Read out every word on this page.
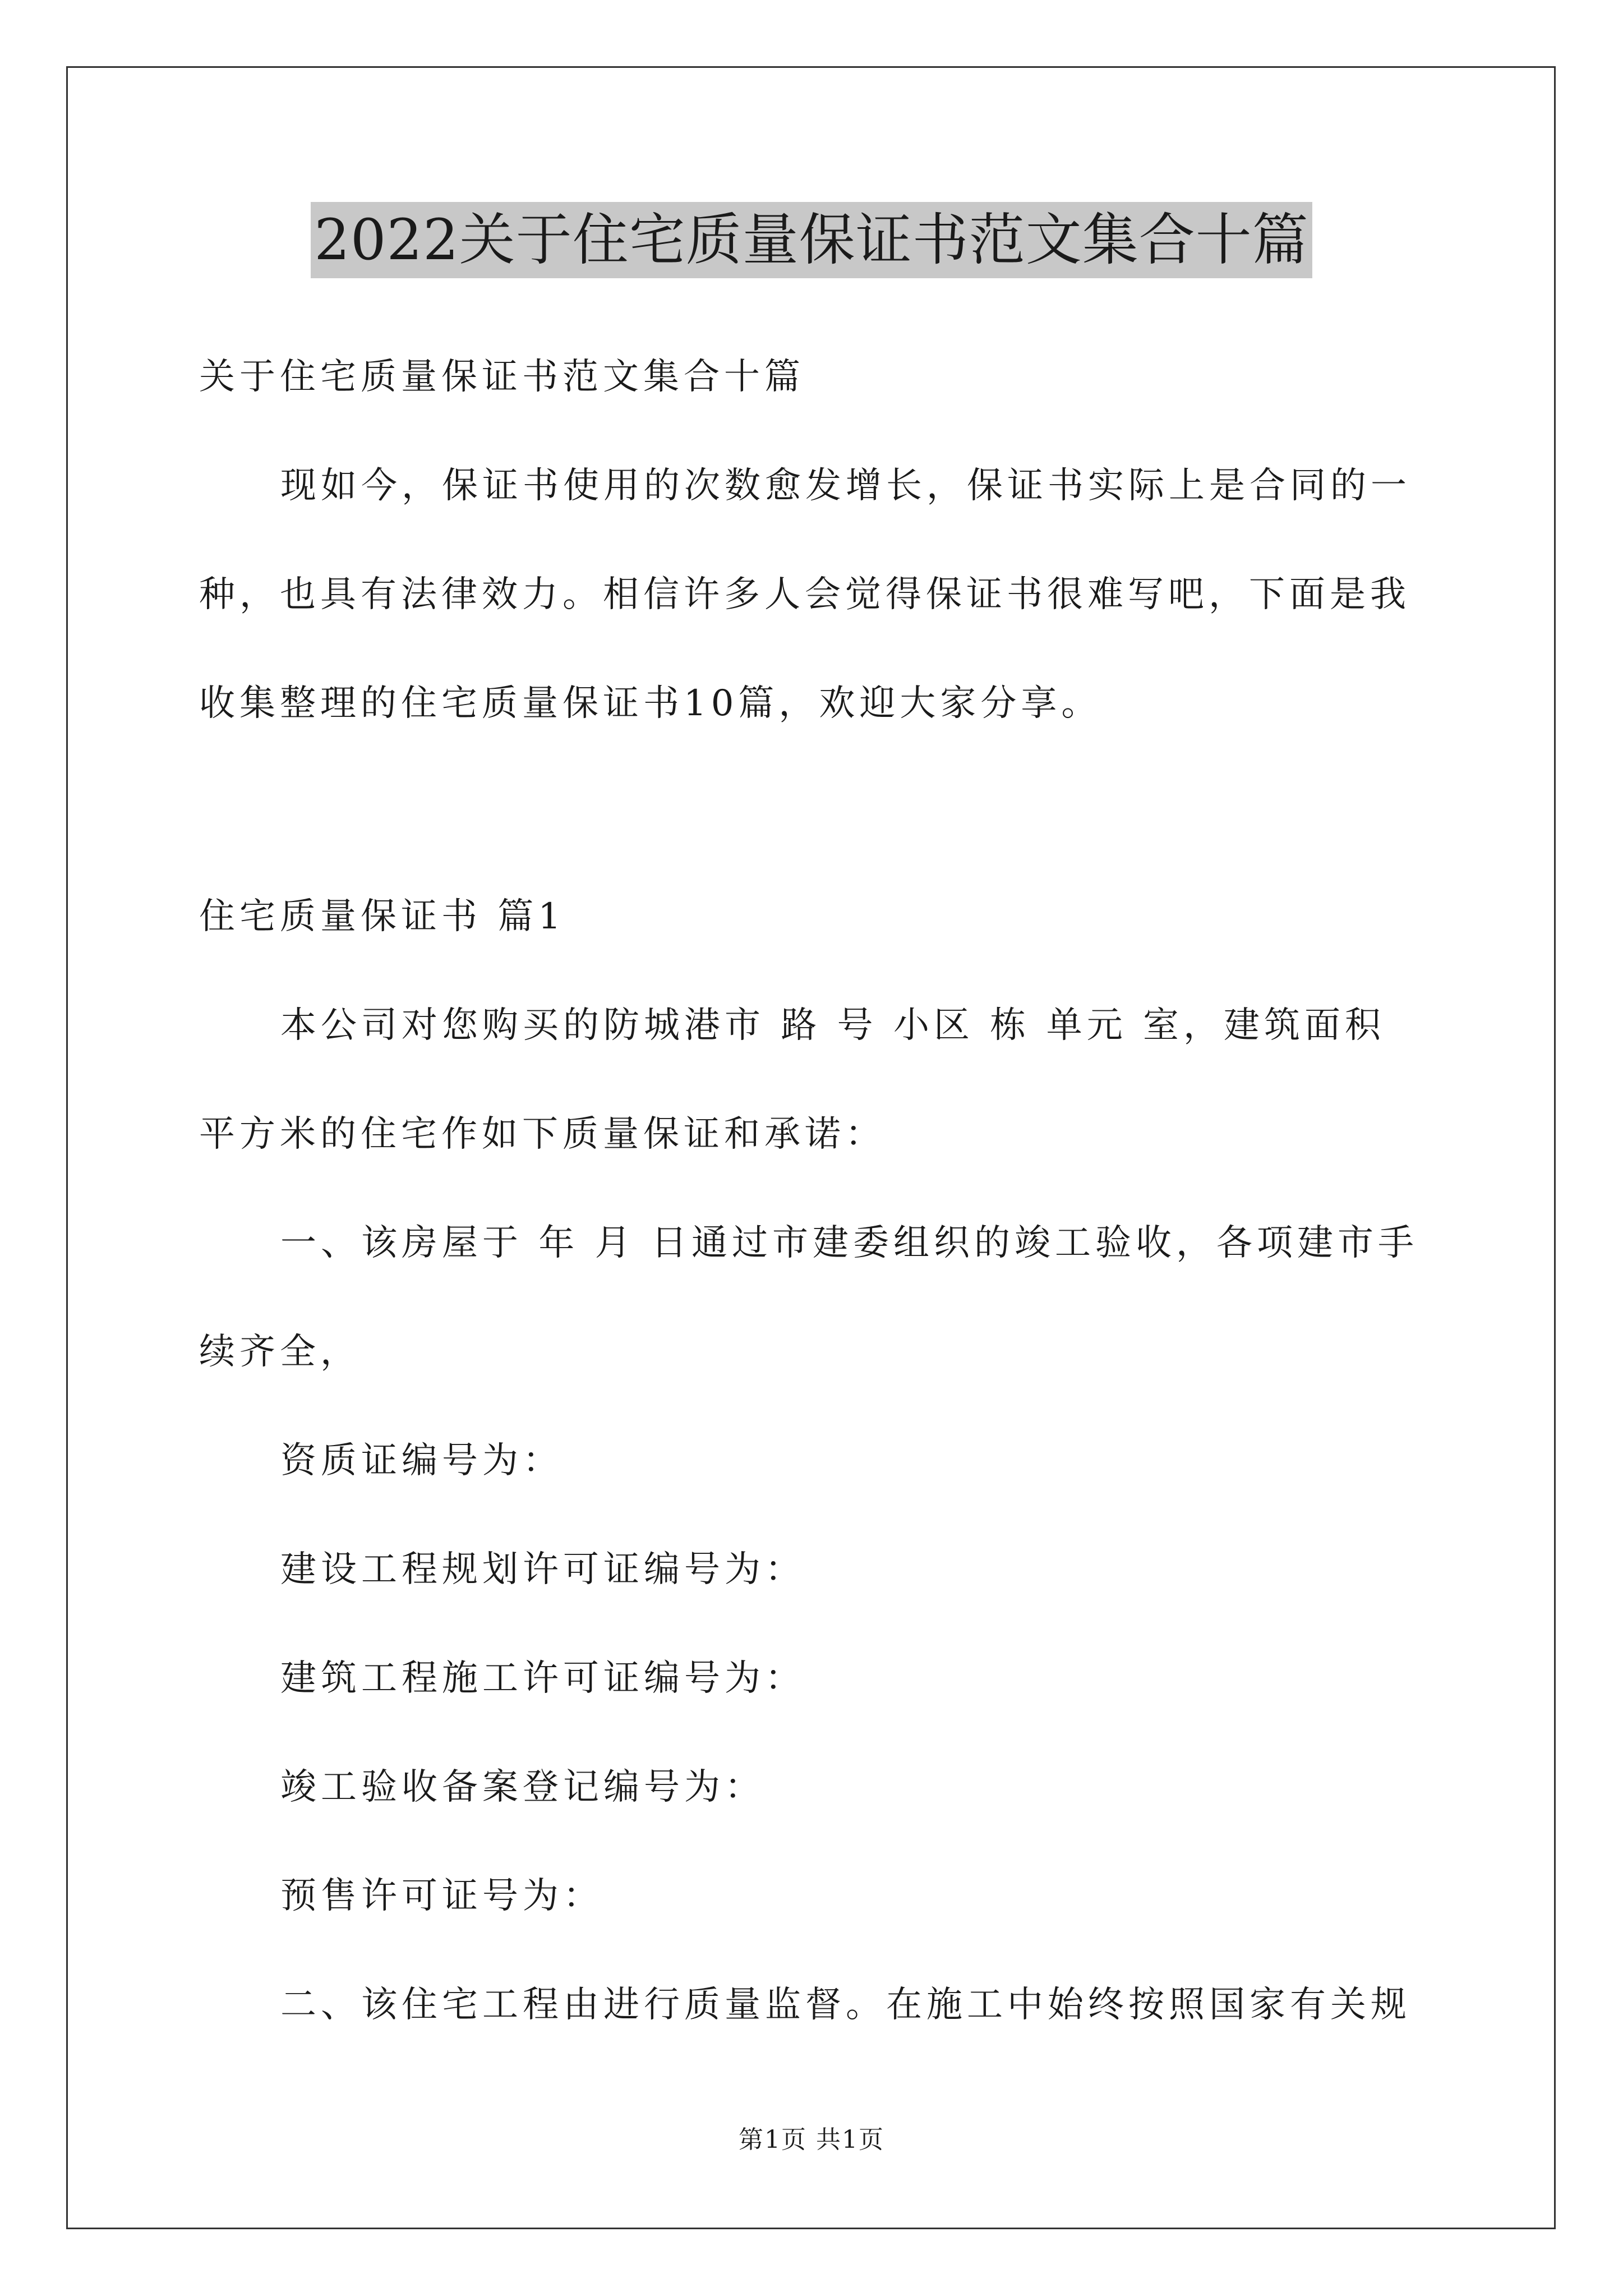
2022关于住宅质量保证书范文集合十篇
关于住宅质量保证书范文集合十篇
现如今，保证书使用的次数愈发增长，保证书实际上是合同的一
种，也具有法律效力。相信许多人会觉得保证书很难写吧，下面是我
收集整理的住宅质量保证书10篇，欢迎大家分享。
住宅质量保证书 篇1
本公司对您购买的防城港市 路 号 小区 栋 单元 室，建筑面积
平方米的住宅作如下质量保证和承诺：
一、该房屋于 年 月 日通过市建委组织的竣工验收，各项建市手
续齐全，
资质证编号为：
建设工程规划许可证编号为：
建筑工程施工许可证编号为：
竣工验收备案登记编号为：
预售许可证号为：
二、该住宅工程由进行质量监督。在施工中始终按照国家有关规
第1页 共1页
